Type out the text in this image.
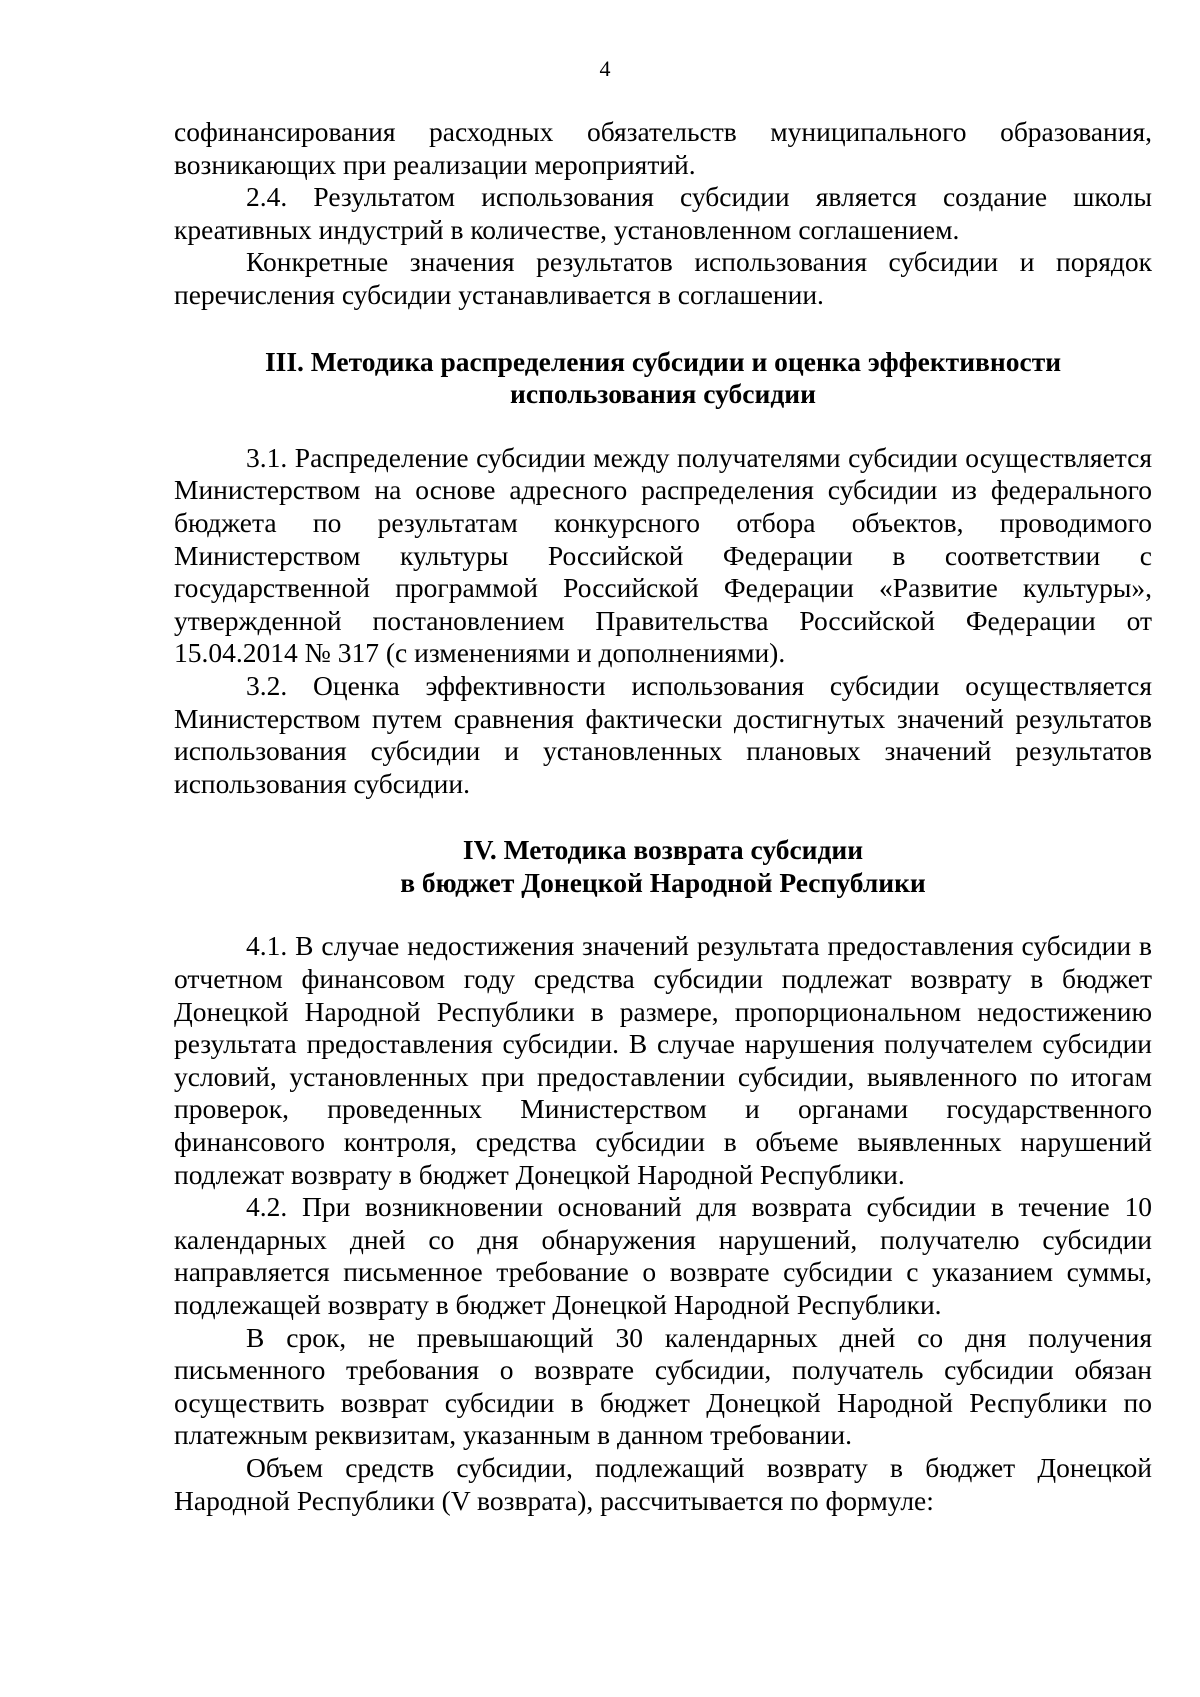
4

софинансирования расходных обязательств муниципального образования, возникающих при реализации мероприятий.

2.4. Результатом использования субсидии является создание школы креативных индустрий в количестве, установленном соглашением.

Конкретные значения результатов использования субсидии и порядок перечисления субсидии устанавливается в соглашении.

III. Методика распределения субсидии и оценка эффективности
использования субсидии

3.1. Распределение субсидии между получателями субсидии осуществляется Министерством на основе адресного распределения субсидии из федерального бюджета по результатам конкурсного отбора объектов, проводимого Министерством культуры Российской Федерации в соответствии с государственной программой Российской Федерации «Развитие культуры», утвержденной постановлением Правительства Российской Федерации от 15.04.2014 № 317 (с изменениями и дополнениями).

3.2. Оценка эффективности использования субсидии осуществляется Министерством путем сравнения фактически достигнутых значений результатов использования субсидии и установленных плановых значений результатов использования субсидии.

IV. Методика возврата субсидии
в бюджет Донецкой Народной Республики

4.1. В случае недостижения значений результата предоставления субсидии в отчетном финансовом году средства субсидии подлежат возврату в бюджет Донецкой Народной Республики в размере, пропорциональном недостижению результата предоставления субсидии. В случае нарушения получателем субсидии условий, установленных при предоставлении субсидии, выявленного по итогам проверок, проведенных Министерством и органами государственного финансового контроля, средства субсидии в объеме выявленных нарушений подлежат возврату в бюджет Донецкой Народной Республики.

4.2. При возникновении оснований для возврата субсидии в течение 10 календарных дней со дня обнаружения нарушений, получателю субсидии направляется письменное требование о возврате субсидии с указанием суммы, подлежащей возврату в бюджет Донецкой Народной Республики.

В срок, не превышающий 30 календарных дней со дня получения письменного требования о возврате субсидии, получатель субсидии обязан осуществить возврат субсидии в бюджет Донецкой Народной Республики по платежным реквизитам, указанным в данном требовании.

Объем средств субсидии, подлежащий возврату в бюджет Донецкой Народной Республики (V возврата), рассчитывается по формуле:
